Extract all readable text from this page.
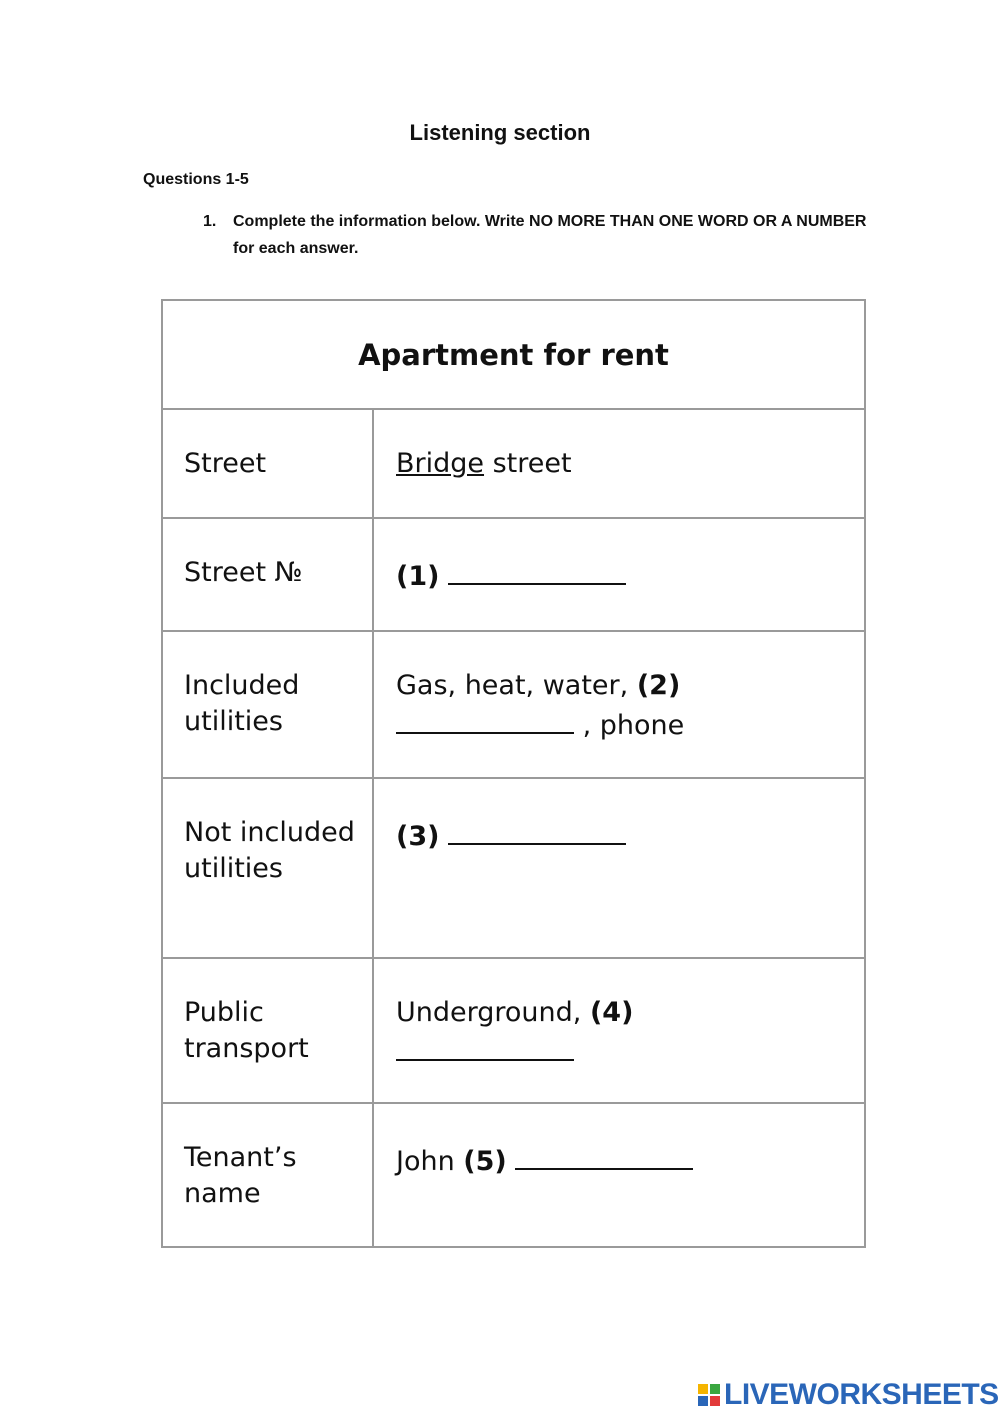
Listening section
Questions 1-5
1. Complete the information below. Write NO MORE THAN ONE WORD OR A NUMBER for each answer.
Apartment for rent	
Street	Bridge street
Street №	(1)
Included utilities	Gas, heat, water, (2)
, phone
Not included utilities	(3)
Public transport	Underground, (4)

Tenant’s name	John (5)
LIVEWORKSHEETS
